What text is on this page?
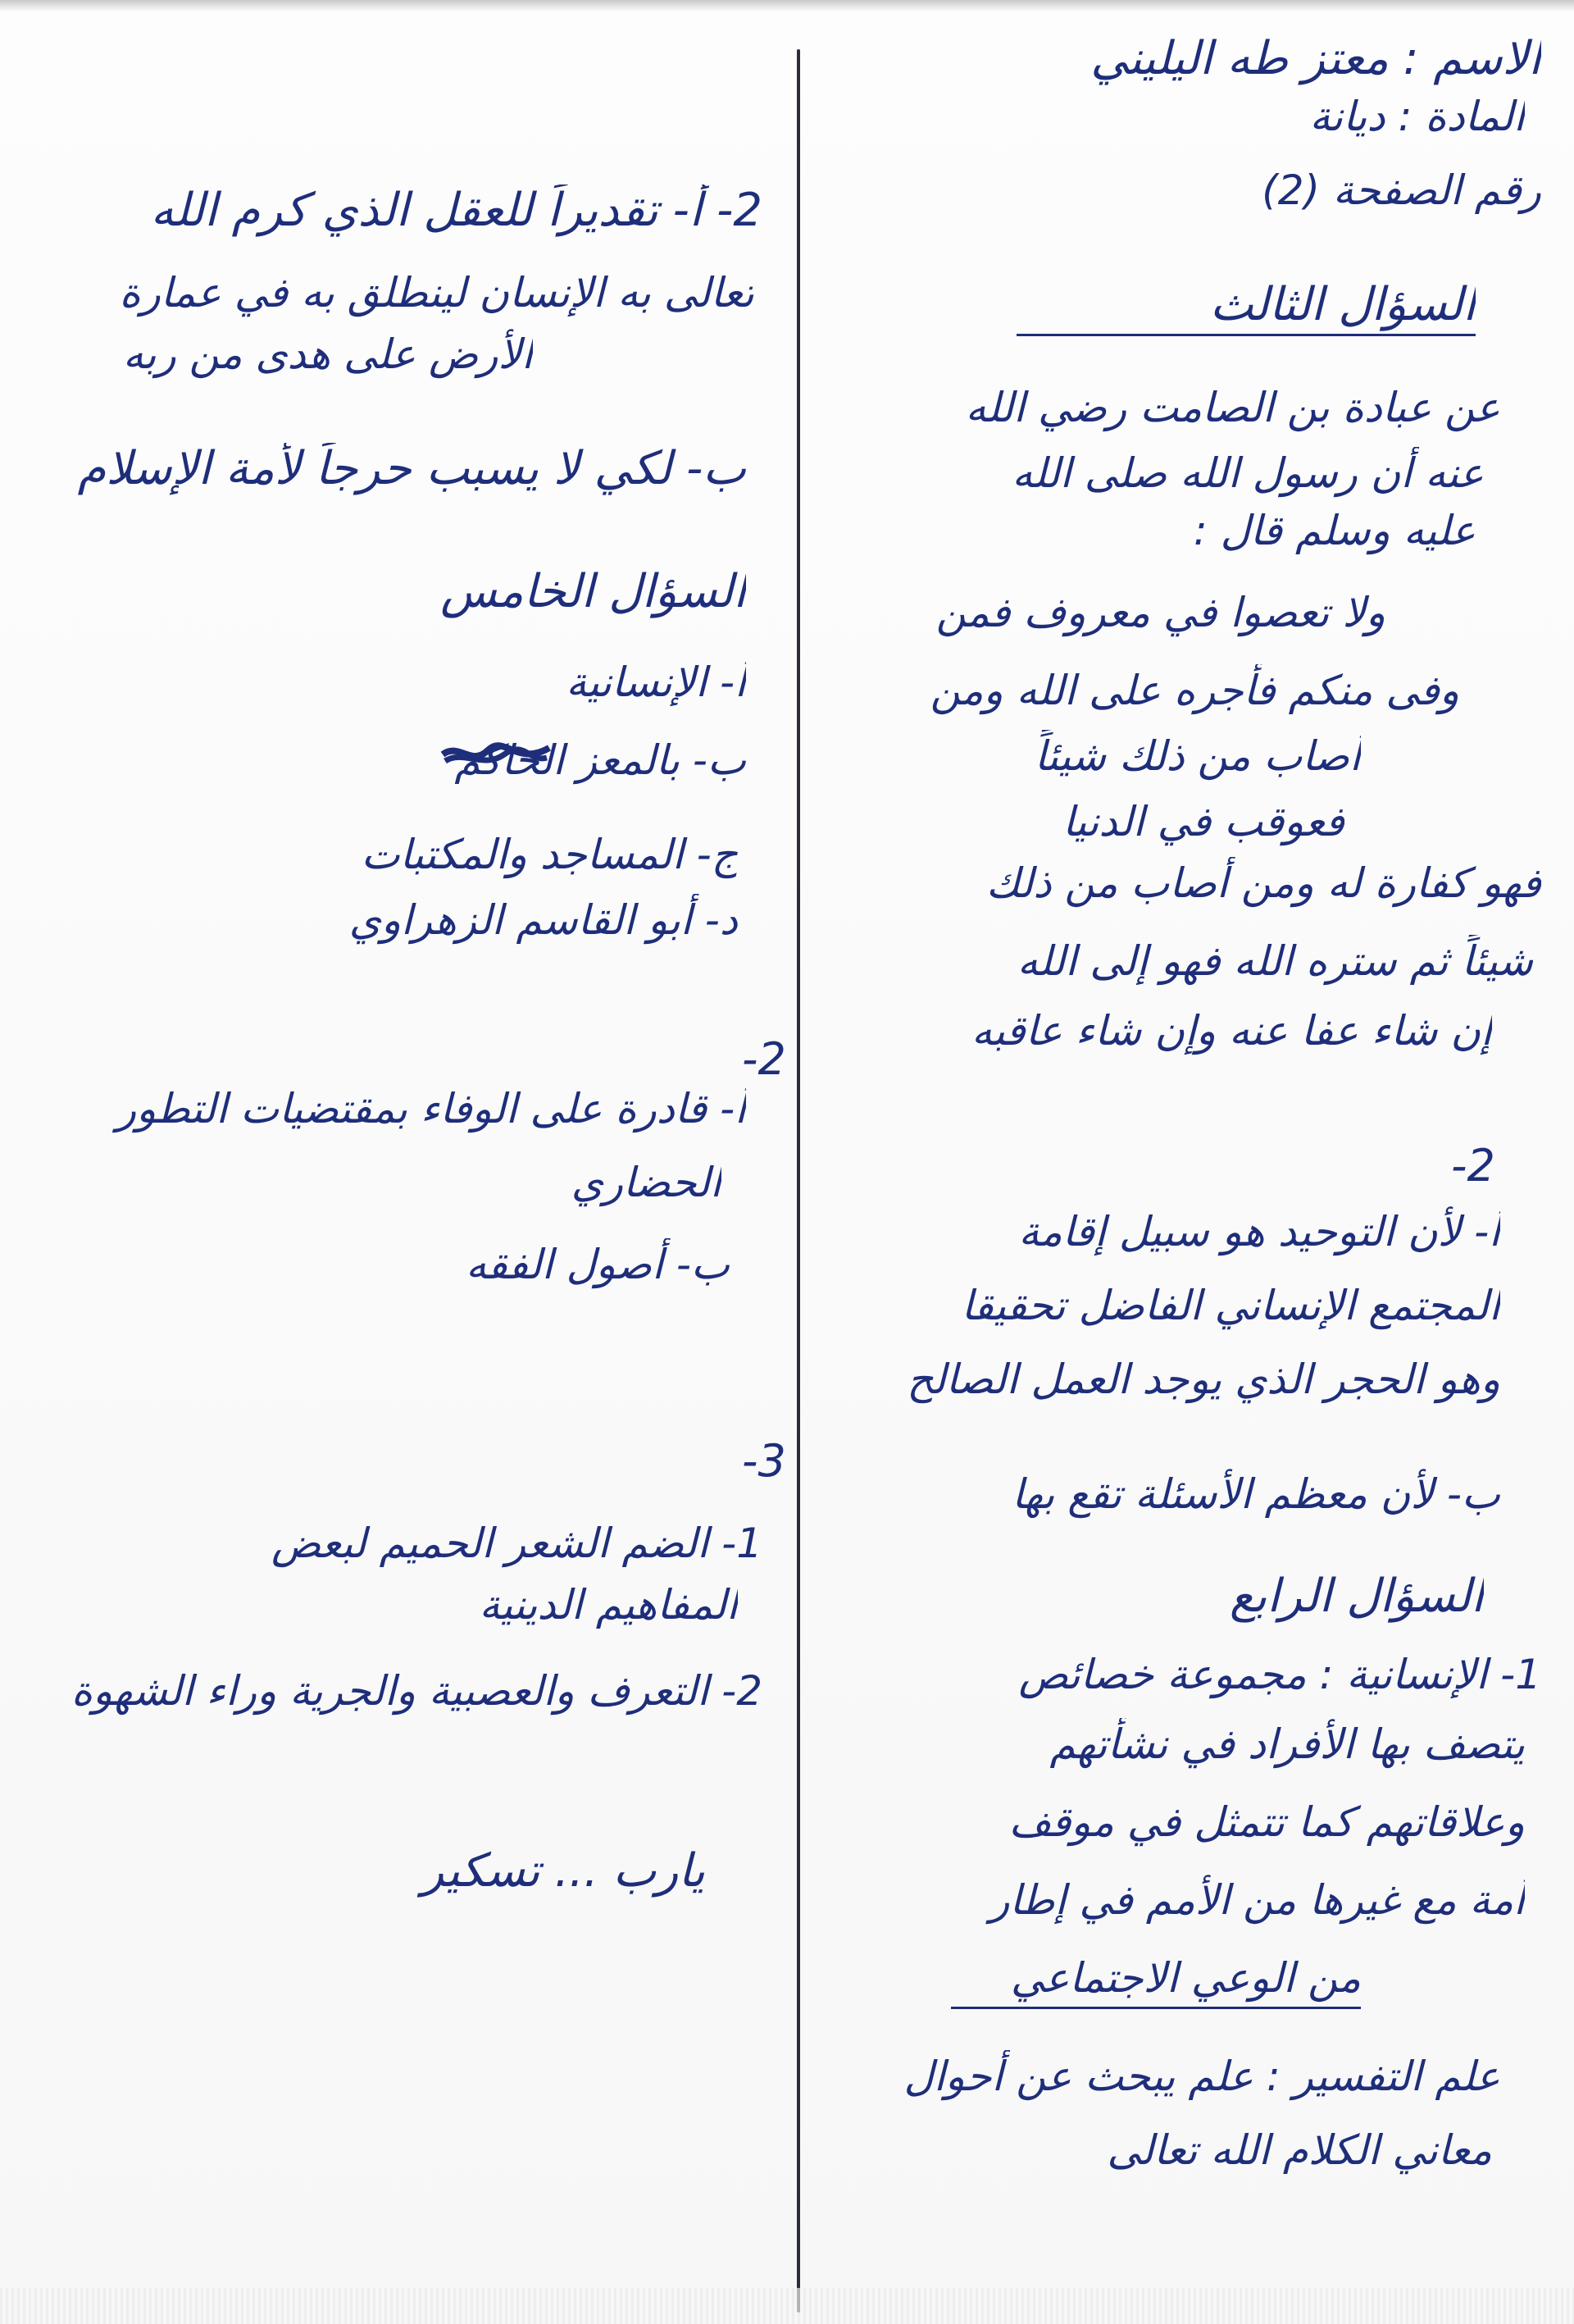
الاسم : معتز طه اليليني
المادة : ديانة
رقم الصفحة (2)
السؤال الثالث
عن عبادة بن الصامت رضي الله
عنه أن رسول الله صلى الله
عليه وسلم قال :
ولا تعصوا في معروف فمن
وفى منكم فأجره على الله ومن
أصاب من ذلك شيئاً
فعوقب في الدنيا
فهو كفارة له ومن أصاب من ذلك
شيئاً ثم ستره الله فهو إلى الله
إن شاء عفا عنه وإن شاء عاقبه
-2
أ- لأن التوحيد هو سبيل إقامة
المجتمع الإنساني الفاضل تحقيقا
وهو الحجر الذي يوجد العمل الصالح
ب- لأن معظم الأسئلة تقع بها
السؤال الرابع
1- الإنسانية : مجموعة خصائص
يتصف بها الأفراد في نشأتهم
وعلاقاتهم كما تتمثل في موقف
أمة مع غيرها من الأمم في إطار
من الوعي الاجتماعي
علم التفسير : علم يبحث عن أحوال
معاني الكلام الله تعالى
2- أ- تقديراً للعقل الذي كرم الله
تعالى به الإنسان لينطلق به في عمارة
الأرض على هدى من ربه
ب- لكي لا يسبب حرجاً لأمة الإسلام
السؤال الخامس
أ- الإنسانية
ب- بالمعز الحاكم
ج- المساجد والمكتبات
د- أبو القاسم الزهراوي
-2
أ- قادرة على الوفاء بمقتضيات التطور
الحضاري
ب- أصول الفقه
-3
1- الضم الشعر الحميم لبعض
المفاهيم الدينية
2- التعرف والعصبية والجرية وراء الشهوة
يارب ... تسكير
